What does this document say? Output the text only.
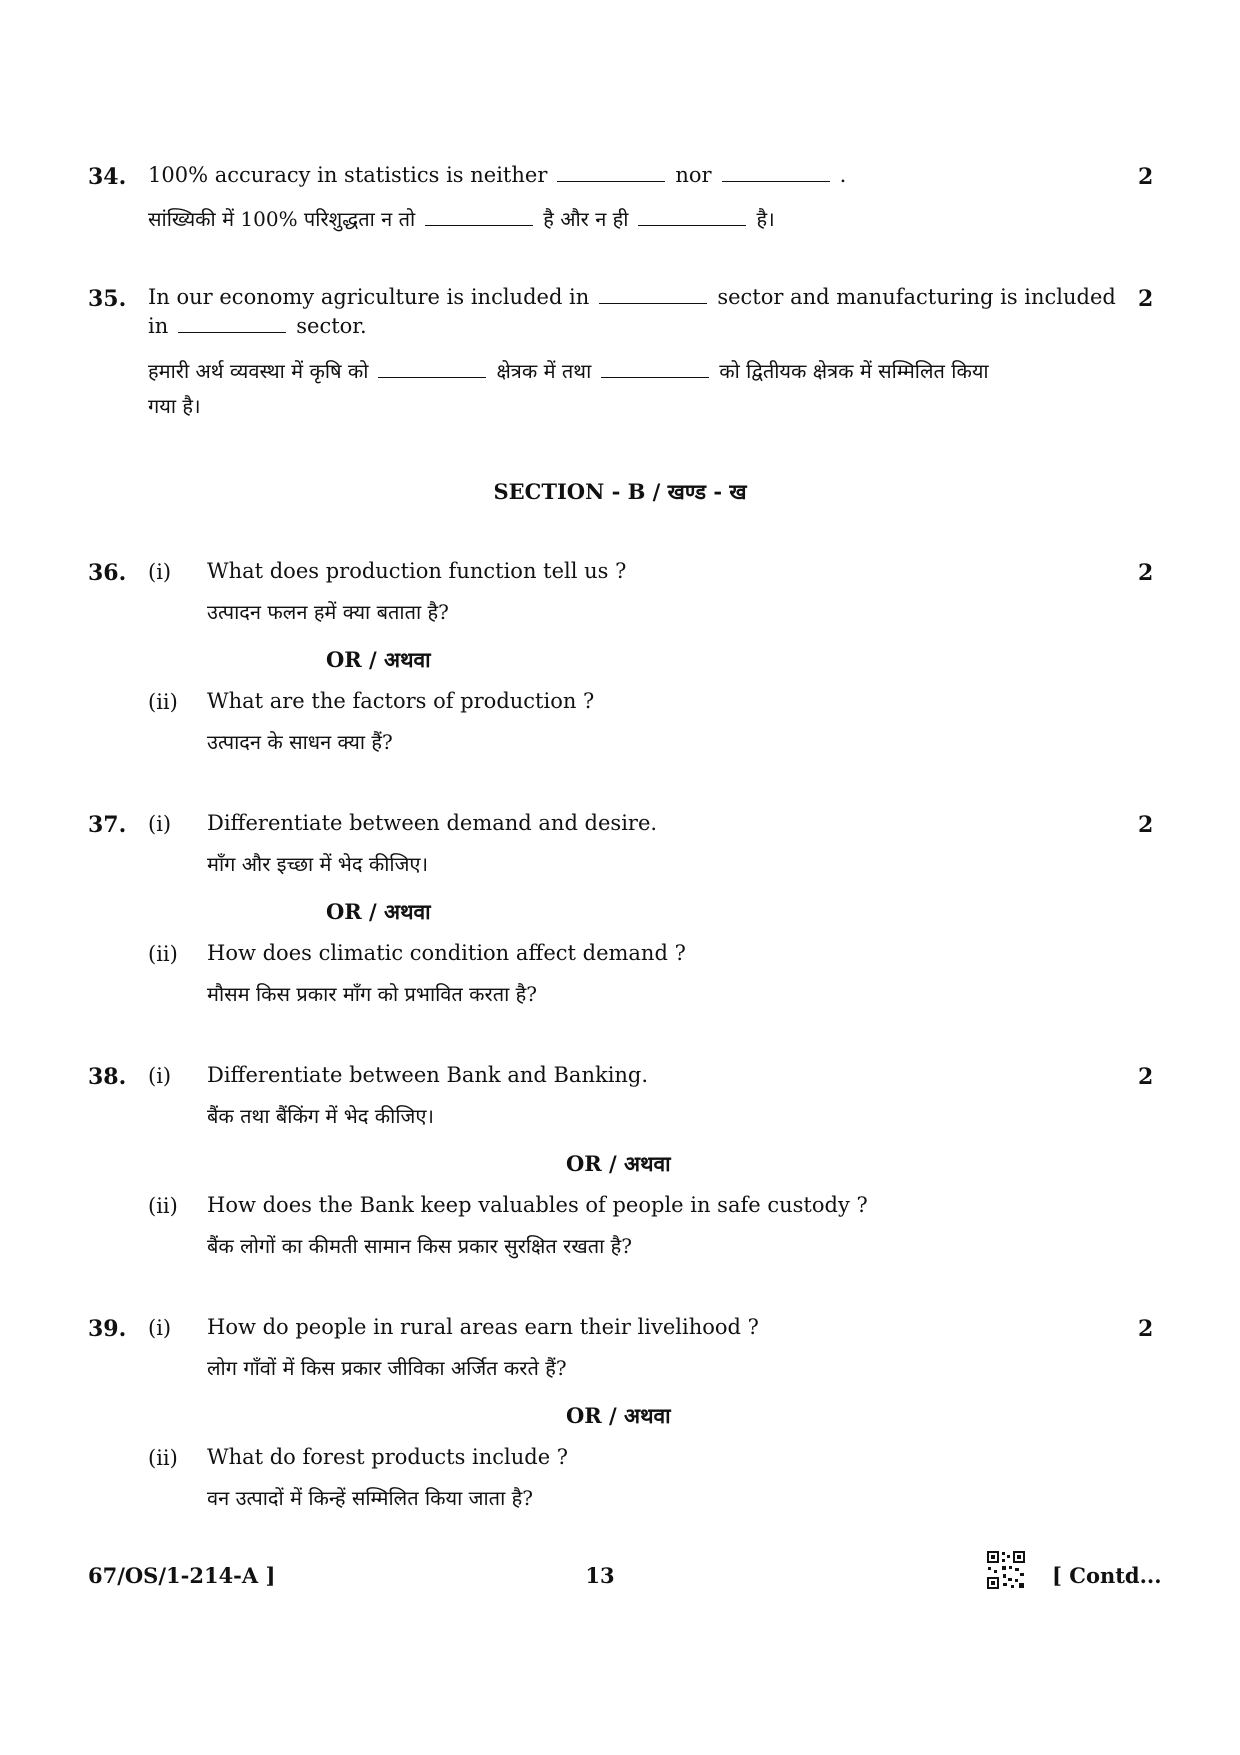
34.	2
100% accuracy in statistics is neither	nor	.
सांख्यिकी में 100% परिशुद्धता न तो	है और न ही	है।
35.	2
In our economy agriculture is included in	sector and manufacturing is included
in	sector.
हमारी अर्थ व्यवस्था में कृषि को	क्षेत्रक में तथा	को द्वितीयक क्षेत्रक में सम्मिलित किया
गया है।
SECTION - B / खण्ड - ख
36. (i)	2
What does production function tell us ?
उत्पादन फलन हमें क्या बताता है?
OR / अथवा
(ii) What are the factors of production ?
उत्पादन के साधन क्या हैं?
37. (i)	2
Differentiate between demand and desire.
माँग और इच्छा में भेद कीजिए।
OR / अथवा
(ii) How does climatic condition affect demand ?
मौसम किस प्रकार माँग को प्रभावित करता है?
38. (i)	2
Differentiate between Bank and Banking.
बैंक तथा बैंकिंग में भेद कीजिए।
OR / अथवा
(ii) How does the Bank keep valuables of people in safe custody ?
बैंक लोगों का कीमती सामान किस प्रकार सुरक्षित रखता है?
39. (i)	2
How do people in rural areas earn their livelihood ?
लोग गाँवों में किस प्रकार जीविका अर्जित करते हैं?
OR / अथवा
(ii) What do forest products include ?
वन उत्पादों में किन्हें सम्मिलित किया जाता है?
67/OS/1-214-A ]	13	[ Contd...
